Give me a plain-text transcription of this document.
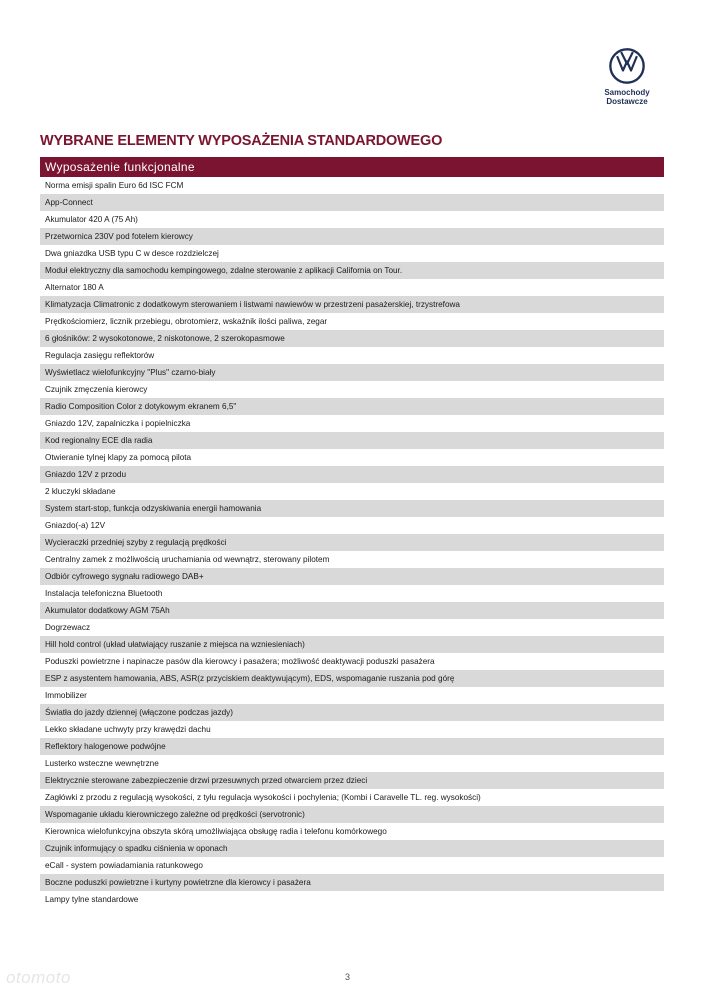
Samochody
Dostawcze
WYBRANE ELEMENTY WYPOSAŻENIA STANDARDOWEGO
Wyposażenie funkcjonalne
Norma emisji spalin Euro 6d ISC FCM
App-Connect
Akumulator 420 A (75 Ah)
Przetwornica 230V pod fotelem kierowcy
Dwa gniazdka USB typu C w desce rozdzielczej
Moduł elektryczny dla samochodu kempingowego, zdalne sterowanie z aplikacji California on Tour.
Alternator 180 A
Klimatyzacja Climatronic z dodatkowym sterowaniem i listwami nawiewów w przestrzeni pasażerskiej, trzystrefowa
Prędkościomierz, licznik przebiegu, obrotomierz, wskaźnik ilości paliwa, zegar
6 głośników: 2 wysokotonowe, 2 niskotonowe, 2 szerokopasmowe
Regulacja zasięgu reflektorów
Wyświetlacz wielofunkcyjny "Plus" czarno-biały
Czujnik zmęczenia kierowcy
Radio Composition Color z dotykowym ekranem 6,5"
Gniazdo 12V, zapalniczka i popielniczka
Kod regionalny ECE dla radia
Otwieranie tylnej klapy za pomocą pilota
Gniazdo 12V z przodu
2 kluczyki składane
System start-stop, funkcja odzyskiwania energii hamowania
Gniazdo(-a) 12V
Wycieraczki przedniej szyby z regulacją prędkości
Centralny zamek z możliwością uruchamiania od wewnątrz, sterowany pilotem
Odbiór cyfrowego sygnału radiowego DAB+
Instalacja telefoniczna Bluetooth
Akumulator dodatkowy AGM 75Ah
Dogrzewacz
Hill hold control (układ ułatwiający ruszanie z miejsca na wzniesieniach)
Poduszki powietrzne i napinacze pasów dla kierowcy i pasażera; możliwość deaktywacji poduszki pasażera
ESP z asystentem hamowania, ABS, ASR(z przyciskiem deaktywującym), EDS, wspomaganie ruszania pod górę
Immobilizer
Światła do jazdy dziennej (włączone podczas jazdy)
Lekko składane uchwyty przy krawędzi dachu
Reflektory halogenowe podwójne
Lusterko wsteczne wewnętrzne
Elektrycznie sterowane zabezpieczenie drzwi przesuwnych przed otwarciem przez dzieci
Zagłówki z przodu z regulacją wysokości, z tyłu regulacja wysokości i pochylenia; (Kombi i Caravelle TL. reg. wysokości)
Wspomaganie układu kierowniczego zależne od prędkości (servotronic)
Kierownica wielofunkcyjna obszyta skórą umożliwiająca obsługę radia i telefonu komórkowego
Czujnik informujący o spadku ciśnienia w oponach
eCall - system powiadamiania ratunkowego
Boczne poduszki powietrzne i kurtyny powietrzne dla kierowcy i pasażera
Lampy tylne standardowe
otomoto	3
